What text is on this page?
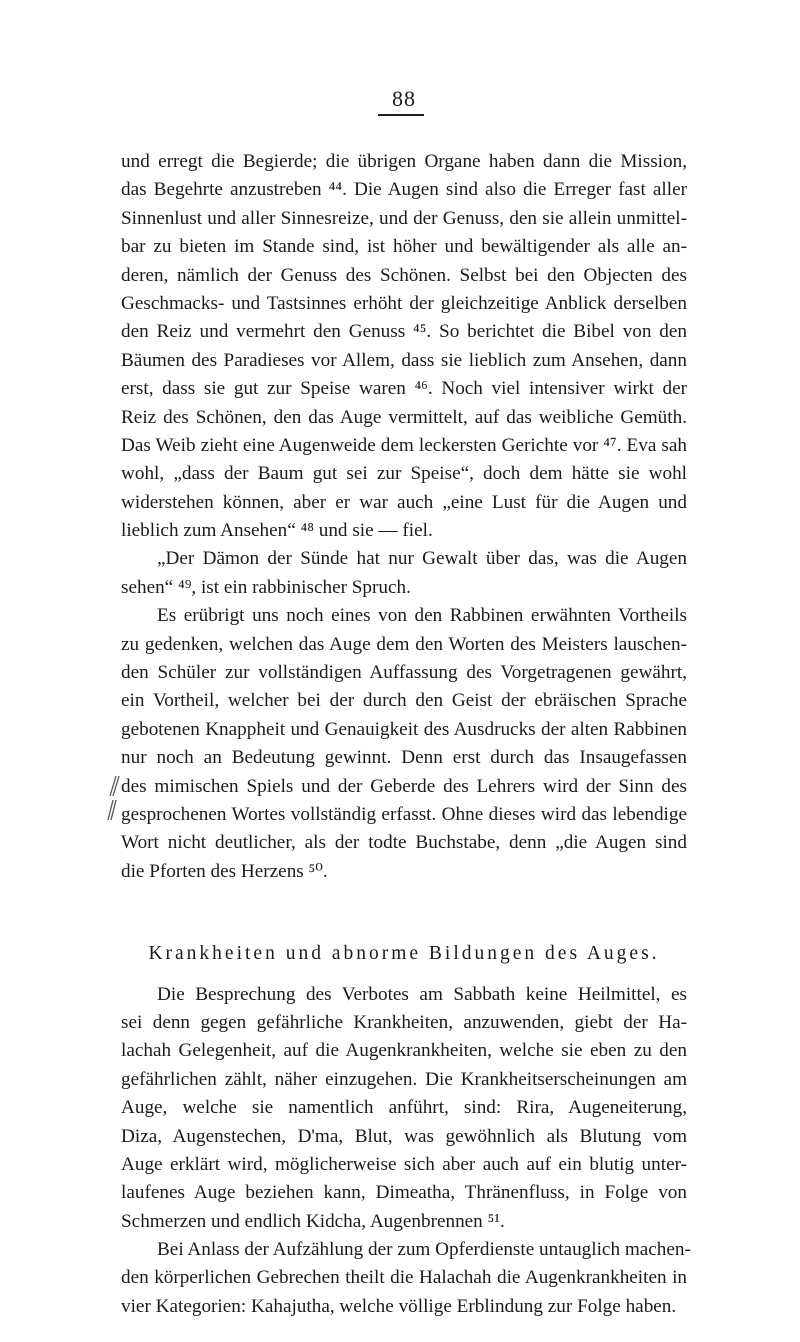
88
und erregt die Begierde; die übrigen Organe haben dann die Mission,
das Begehrte anzustreben ⁴⁴. Die Augen sind also die Erreger fast aller
Sinnenlust und aller Sinnesreize, und der Genuss, den sie allein unmittel-
bar zu bieten im Stande sind, ist höher und bewältigender als alle an-
deren, nämlich der Genuss des Schönen. Selbst bei den Objecten des
Geschmacks- und Tastsinnes erhöht der gleichzeitige Anblick derselben
den Reiz und vermehrt den Genuss ⁴⁵. So berichtet die Bibel von den
Bäumen des Paradieses vor Allem, dass sie lieblich zum Ansehen, dann
erst, dass sie gut zur Speise waren ⁴⁶. Noch viel intensiver wirkt der
Reiz des Schönen, den das Auge vermittelt, auf das weibliche Gemüth.
Das Weib zieht eine Augenweide dem leckersten Gerichte vor ⁴⁷. Eva sah
wohl, „dass der Baum gut sei zur Speise“, doch dem hätte sie wohl
widerstehen können, aber er war auch „eine Lust für die Augen und
lieblich zum Ansehen“ ⁴⁸ und sie — fiel.
„Der Dämon der Sünde hat nur Gewalt über das, was die Augen
sehen“ ⁴⁹, ist ein rabbinischer Spruch.
Es erübrigt uns noch eines von den Rabbinen erwähnten Vortheils
zu gedenken, welchen das Auge dem den Worten des Meisters lauschen-
den Schüler zur vollständigen Auffassung des Vorgetragenen gewährt,
ein Vortheil, welcher bei der durch den Geist der ebräischen Sprache
gebotenen Knappheit und Genauigkeit des Ausdrucks der alten Rabbinen
nur noch an Bedeutung gewinnt. Denn erst durch das Insaugefassen
des mimischen Spiels und der Geberde des Lehrers wird der Sinn des
gesprochenen Wortes vollständig erfasst. Ohne dieses wird das lebendige
Wort nicht deutlicher, als der todte Buchstabe, denn „die Augen sind
die Pforten des Herzens ⁵⁰.
Krankheiten und abnorme Bildungen des Auges.
Die Besprechung des Verbotes am Sabbath keine Heilmittel, es
sei denn gegen gefährliche Krankheiten, anzuwenden, giebt der Ha-
lachah Gelegenheit, auf die Augenkrankheiten, welche sie eben zu den
gefährlichen zählt, näher einzugehen. Die Krankheitserscheinungen am
Auge, welche sie namentlich anführt, sind: Rira, Augeneiterung,
Diza, Augenstechen, D'ma, Blut, was gewöhnlich als Blutung vom
Auge erklärt wird, möglicherweise sich aber auch auf ein blutig unter-
laufenes Auge beziehen kann, Dimeatha, Thränenfluss, in Folge von
Schmerzen und endlich Kidcha, Augenbrennen ⁵¹.
Bei Anlass der Aufzählung der zum Opferdienste untauglich machen-
den körperlichen Gebrechen theilt die Halachah die Augenkrankheiten in
vier Kategorien: Kahajutha, welche völlige Erblindung zur Folge haben.
